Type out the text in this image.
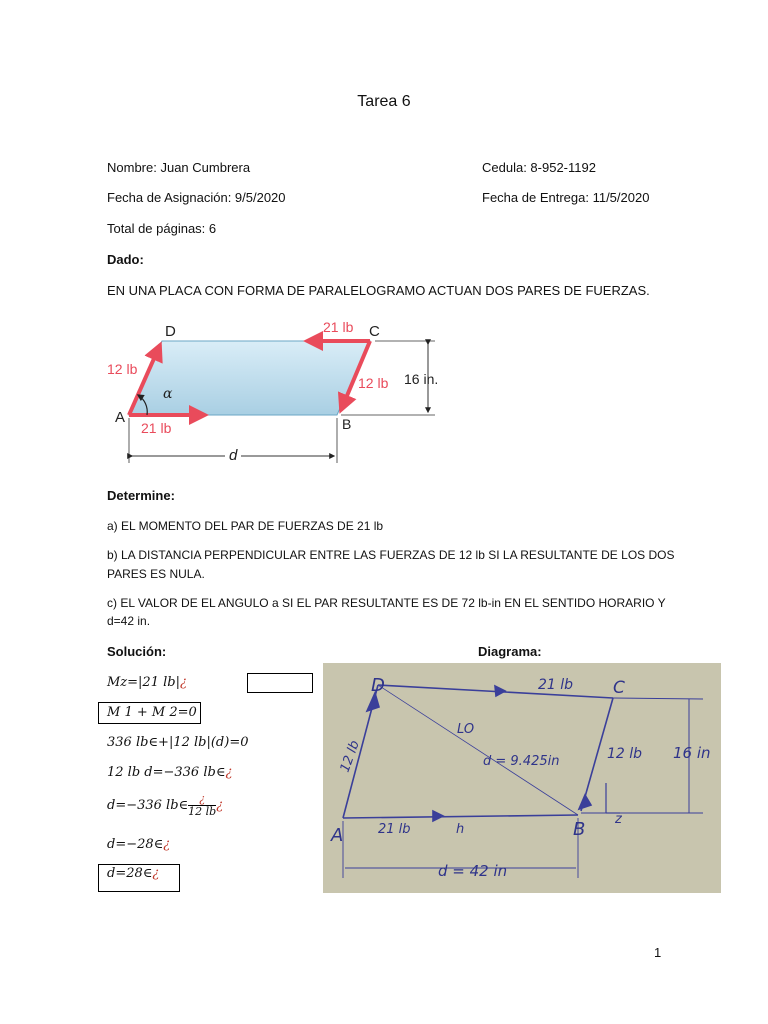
Tarea 6
Nombre: Juan Cumbrera	Cedula: 8-952-1192
Fecha de Asignación: 9/5/2020	Fecha de Entrega: 11/5/2020
Total de páginas: 6
Dado:
EN UNA PLACA CON FORMA DE PARALELOGRAMO ACTUAN DOS PARES DE FUERZAS.
D	C
A	B
21 lb
21 lb
12 lb
12 lb 16 in.
α
d
Determine:
a) EL MOMENTO DEL PAR DE FUERZAS DE 21 lb
b) LA DISTANCIA PERPENDICULAR ENTRE LAS FUERZAS DE 12 lb SI LA RESULTANTE DE LOS DOS
PARES ES NULA.
c) EL VALOR DE EL ANGULO a SI EL PAR RESULTANTE ES DE 72 lb-in EN EL SENTIDO HORARIO Y
d=42 in.
Solución:	Diagrama:
Mz=|21 lb|¿
M 1 + M 2=0
336 lb∈+|12 lb|(d)=0
12 lb d=−336 lb∈¿
d=−336 lb∈ $\frac{¿}{12 lb}$ ¿
d=−28∈¿
d=28∈¿
D	C
A	B
21 lb
21 lb
12 lb	12 lb 16 in
LO
d = 9.425in
h
z
d = 42 in
1
